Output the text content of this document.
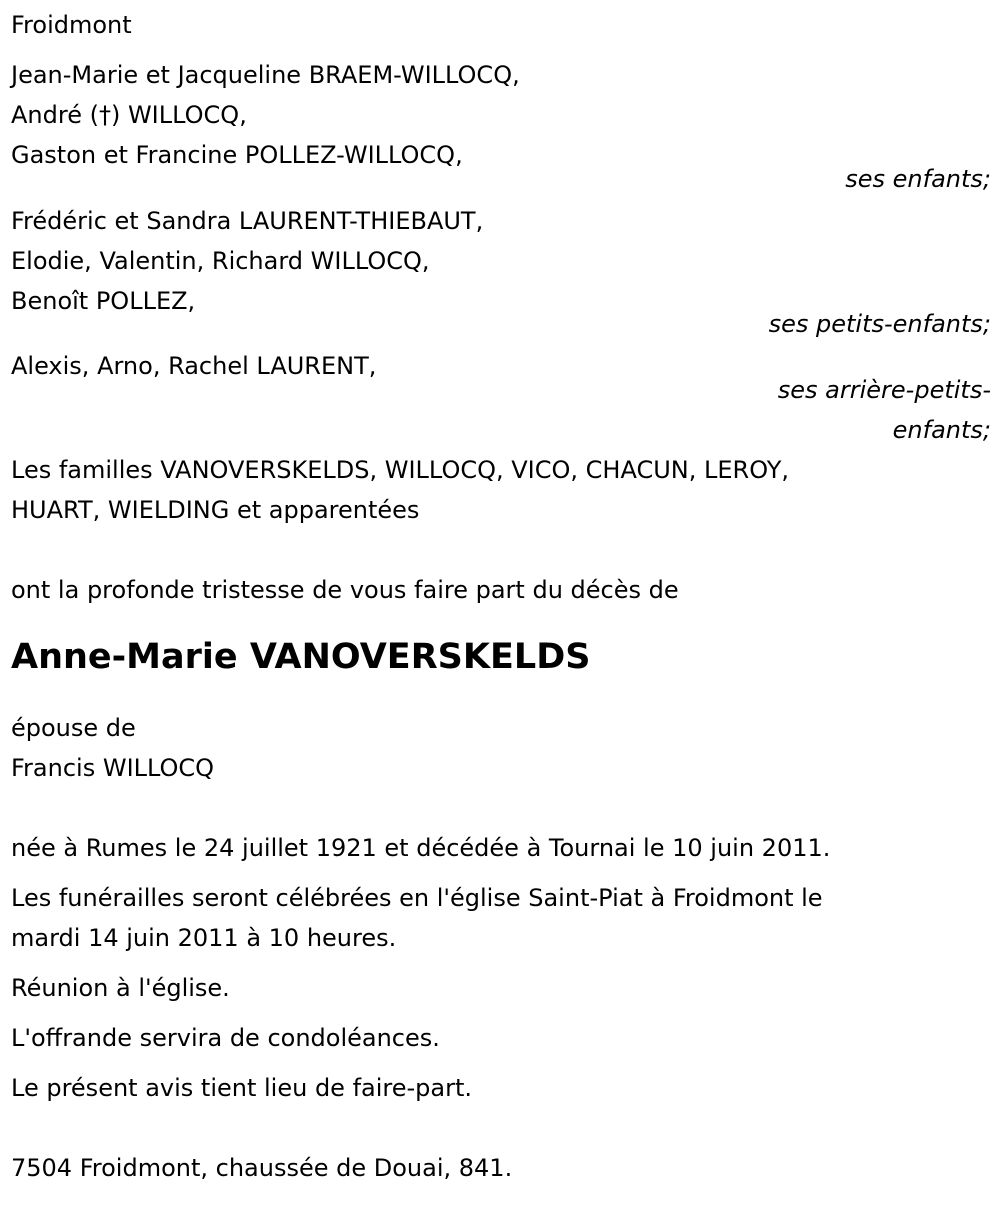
Froidmont
Jean-Marie et Jacqueline BRAEM-WILLOCQ,
André (†) WILLOCQ,
Gaston et Francine POLLEZ-WILLOCQ,
ses enfants;
Frédéric et Sandra LAURENT-THIEBAUT,
Elodie, Valentin, Richard WILLOCQ,
Benoît POLLEZ,
ses petits-enfants;
Alexis, Arno, Rachel LAURENT,
ses arrière-petits-
enfants;
Les familles VANOVERSKELDS, WILLOCQ, VICO, CHACUN, LEROY,
HUART, WIELDING et apparentées
ont la profonde tristesse de vous faire part du décès de
Anne-Marie VANOVERSKELDS
épouse de
Francis WILLOCQ
née à Rumes le 24 juillet 1921 et décédée à Tournai le 10 juin 2011.
Les funérailles seront célébrées en l'église Saint-Piat à Froidmont le
mardi 14 juin 2011 à 10 heures.
Réunion à l'église.
L'offrande servira de condoléances.
Le présent avis tient lieu de faire-part.
7504 Froidmont, chaussée de Douai, 841.
